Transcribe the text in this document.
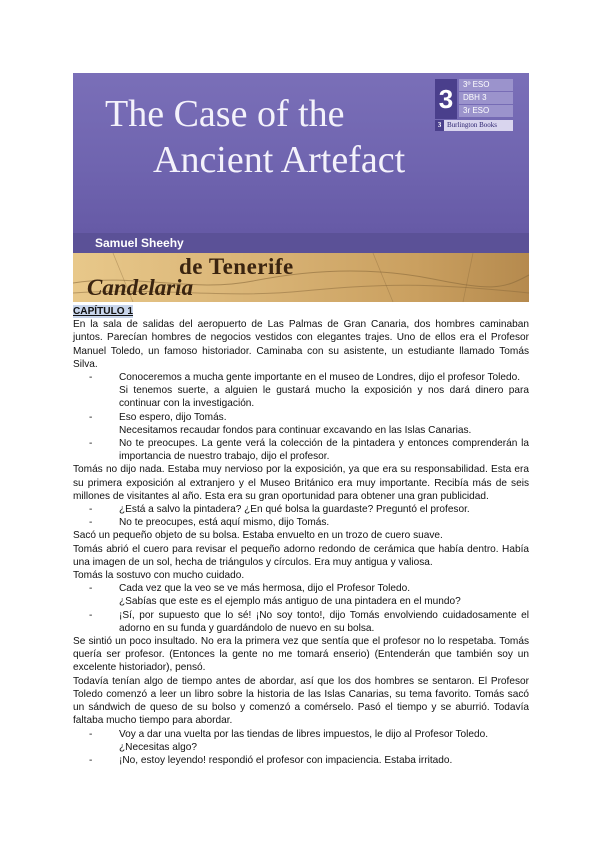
The Case of the
Ancient Artefact
3	3º ESO
DBH 3
3r ESO
3 Burlington Books
Samuel Sheehy
de Tenerife
Candelaria
CAPÍTULO 1

En la sala de salidas del aeropuerto de Las Palmas de Gran Canaria, dos hombres caminaban juntos. Parecían hombres de negocios vestidos con elegantes trajes. Uno de ellos era el Profesor Manuel Toledo, un famoso historiador. Caminaba con su asistente, un estudiante llamado Tomás Silva.

-	Conoceremos a mucha gente importante en el museo de Londres, dijo el profesor Toledo.

Si tenemos suerte, a alguien le gustará mucho la exposición y nos dará dinero para continuar con la investigación.

-	Eso espero, dijo Tomás.

Necesitamos recaudar fondos para continuar excavando en las Islas Canarias.

-	No te preocupes. La gente verá la colección de la pintadera y entonces comprenderán la importancia de nuestro trabajo, dijo el profesor.

Tomás no dijo nada. Estaba muy nervioso por la exposición, ya que era su responsabilidad. Esta era su primera exposición al extranjero y el Museo Británico era muy importante. Recibía más de seis millones de visitantes al año. Esta era su gran oportunidad para obtener una gran publicidad.

-	¿Está a salvo la pintadera? ¿En qué bolsa la guardaste? Preguntó el profesor.

-	No te preocupes, está aquí mismo, dijo Tomás.

Sacó un pequeño objeto de su bolsa. Estaba envuelto en un trozo de cuero suave.

Tomás abrió el cuero para revisar el pequeño adorno redondo de cerámica que había dentro. Había una imagen de un sol, hecha de triángulos y círculos. Era muy antigua y valiosa.

Tomás la sostuvo con mucho cuidado.

-	Cada vez que la veo se ve más hermosa, dijo el Profesor Toledo.

¿Sabías que este es el ejemplo más antiguo de una pintadera en el mundo?

-	¡Sí, por supuesto que lo sé! ¡No soy tonto!, dijo Tomás envolviendo cuidadosamente el adorno en su funda y guardándolo de nuevo en su bolsa.

Se sintió un poco insultado. No era la primera vez que sentía que el profesor no lo respetaba. Tomás quería ser profesor. (Entonces la gente no me tomará enserio) (Entenderán que también soy un excelente historiador), pensó.

Todavía tenían algo de tiempo antes de abordar, así que los dos hombres se sentaron. El Profesor Toledo comenzó a leer un libro sobre la historia de las Islas Canarias, su tema favorito. Tomás sacó un sándwich de queso de su bolso y comenzó a comérselo. Pasó el tiempo y se aburrió. Todavía faltaba mucho tiempo para abordar.

-	Voy a dar una vuelta por las tiendas de libres impuestos, le dijo al Profesor Toledo.

¿Necesitas algo?

-	¡No, estoy leyendo! respondió el profesor con impaciencia. Estaba irritado.
